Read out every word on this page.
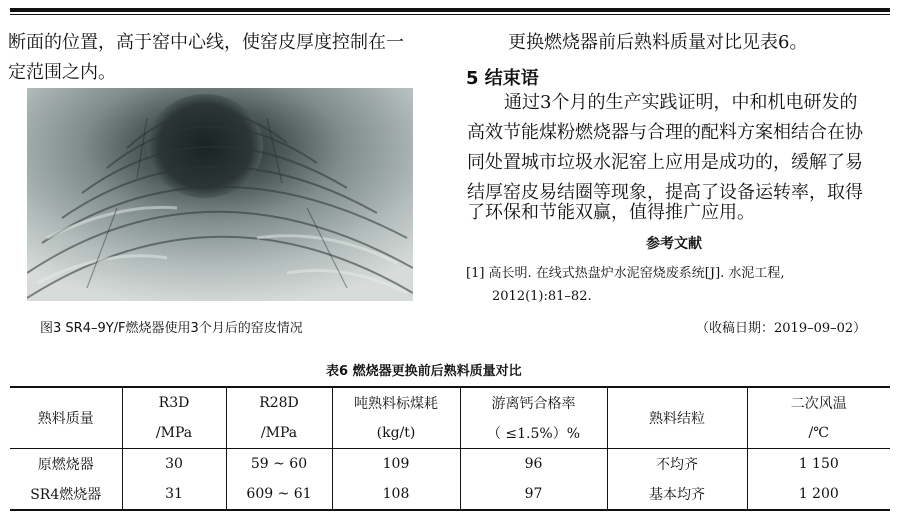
断面的位置，高于窑中心线，使窑皮厚度控制在一
定范围之内。
图3 SR4–9Y/F燃烧器使用3个月后的窑皮情况
更换燃烧器前后熟料质量对比见表6。
5 结束语
通过3个月的生产实践证明，中和机电研发的
高效节能煤粉燃烧器与合理的配料方案相结合在协
同处置城市垃圾水泥窑上应用是成功的，缓解了易
结厚窑皮易结圈等现象，提高了设备运转率，取得
了环保和节能双赢，值得推广应用。
参考文献
[1] 高长明. 在线式热盘炉水泥窑烧废系统[J]. 水泥工程,
2012(1):81–82.
（收稿日期：2019–09–02）
表6 燃烧器更换前后熟料质量对比
熟料质量	R3D	R28D	吨熟料标煤耗	游离钙合格率	熟料结粒	二次风温
	/MPa	/MPa	(kg/t)	（ ≤1.5%）%		/℃
原燃烧器	30	59 ~ 60	109	96	不均齐	1 150
SR4燃烧器	31	609 ~ 61	108	97	基本均齐	1 200
